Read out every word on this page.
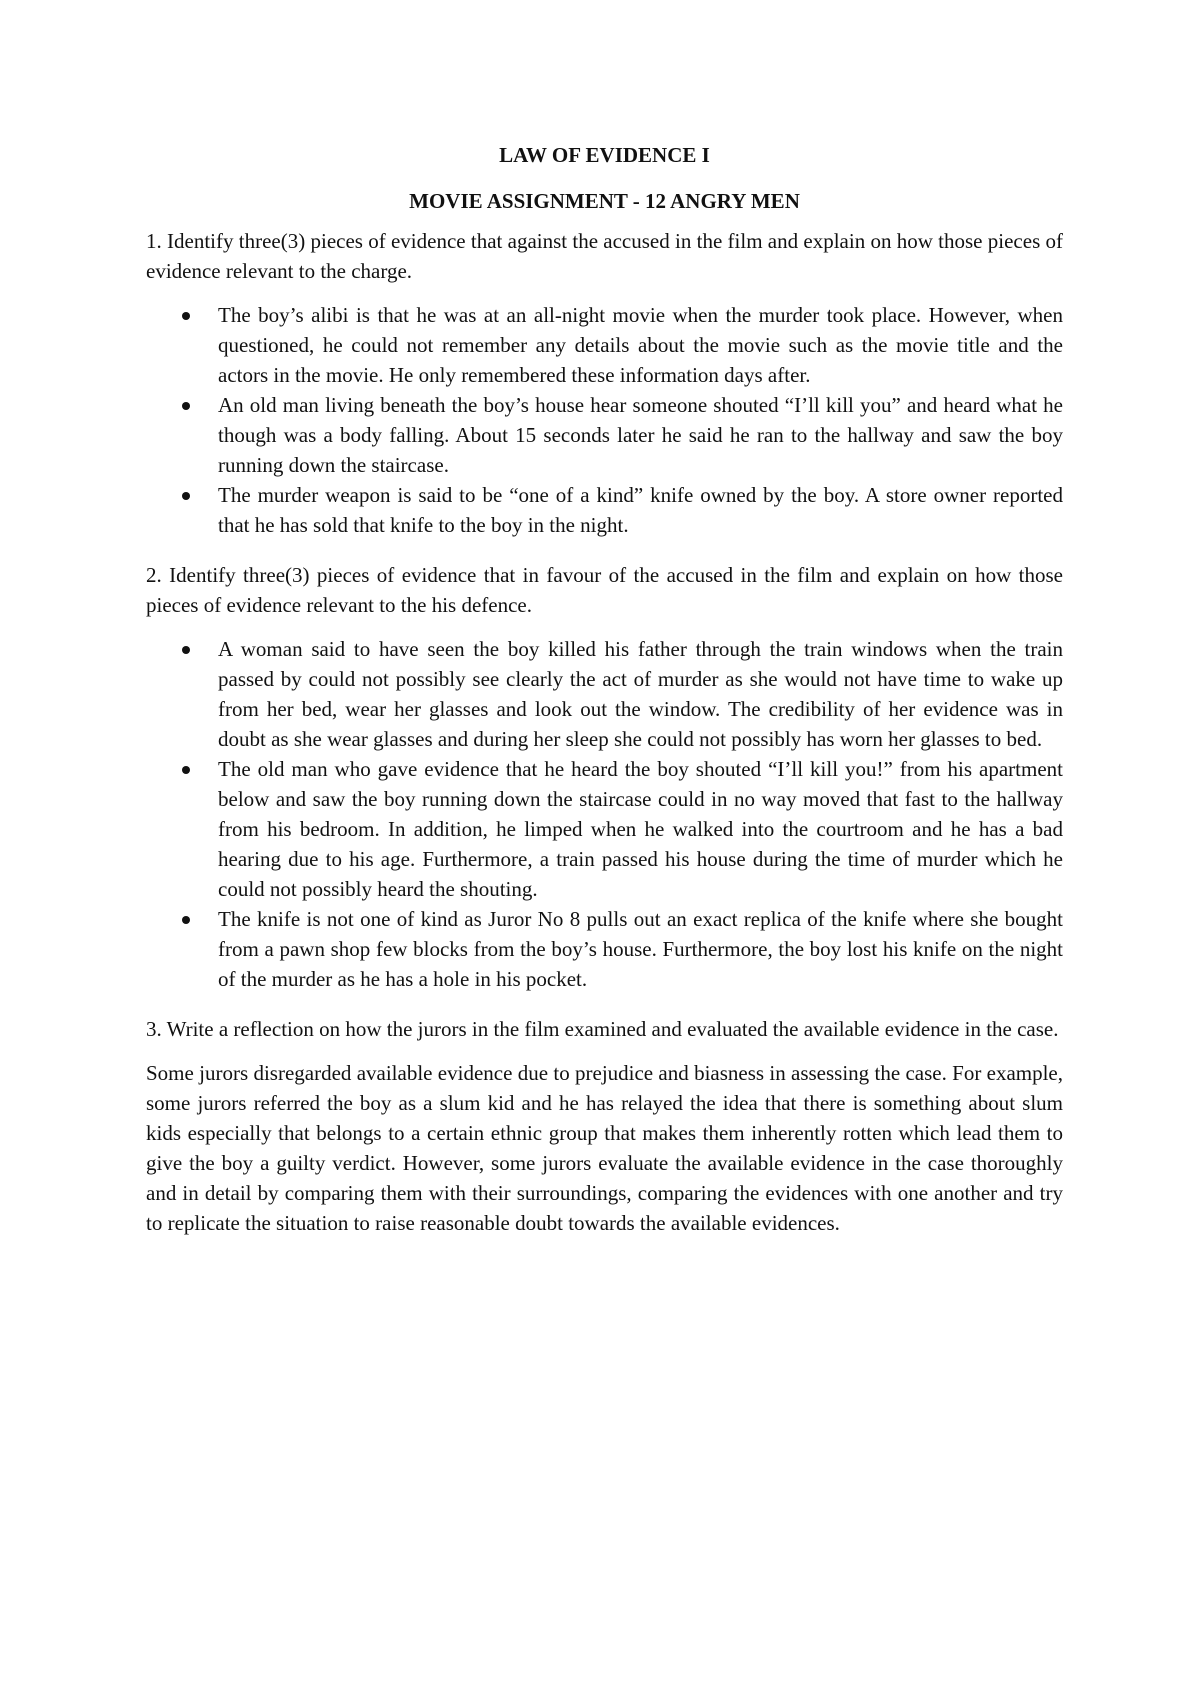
LAW OF EVIDENCE I

MOVIE ASSIGNMENT - 12 ANGRY MEN

1. Identify three(3) pieces of evidence that against the accused in the film and explain on how those pieces of evidence relevant to the charge.

The boy’s alibi is that he was at an all-night movie when the murder took place. However, when questioned, he could not remember any details about the movie such as the movie title and the actors in the movie. He only remembered these information days after.
An old man living beneath the boy’s house hear someone shouted “I’ll kill you” and heard what he though was a body falling. About 15 seconds later he said he ran to the hallway and saw the boy running down the staircase.
The murder weapon is said to be “one of a kind” knife owned by the boy. A store owner reported that he has sold that knife to the boy in the night.

2. Identify three(3) pieces of evidence that in favour of the accused in the film and explain on how those pieces of evidence relevant to the his defence.

A woman said to have seen the boy killed his father through the train windows when the train passed by could not possibly see clearly the act of murder as she would not have time to wake up from her bed, wear her glasses and look out the window. The credibility of her evidence was in doubt as she wear glasses and during her sleep she could not possibly has worn her glasses to bed.
The old man who gave evidence that he heard the boy shouted “I’ll kill you!” from his apartment below and saw the boy running down the staircase could in no way moved that fast to the hallway from his bedroom. In addition, he limped when he walked into the courtroom and he has a bad hearing due to his age. Furthermore, a train passed his house during the time of murder which he could not possibly heard the shouting.
The knife is not one of kind as Juror No 8 pulls out an exact replica of the knife where she bought from a pawn shop few blocks from the boy’s house. Furthermore, the boy lost his knife on the night of the murder as he has a hole in his pocket.

3. Write a reflection on how the jurors in the film examined and evaluated the available evidence in the case.

Some jurors disregarded available evidence due to prejudice and biasness in assessing the case. For example, some jurors referred the boy as a slum kid and he has relayed the idea that there is something about slum kids especially that belongs to a certain ethnic group that makes them inherently rotten which lead them to give the boy a guilty verdict. However, some jurors evaluate the available evidence in the case thoroughly and in detail by comparing them with their surroundings, comparing the evidences with one another and try to replicate the situation to raise reasonable doubt towards the available evidences.
